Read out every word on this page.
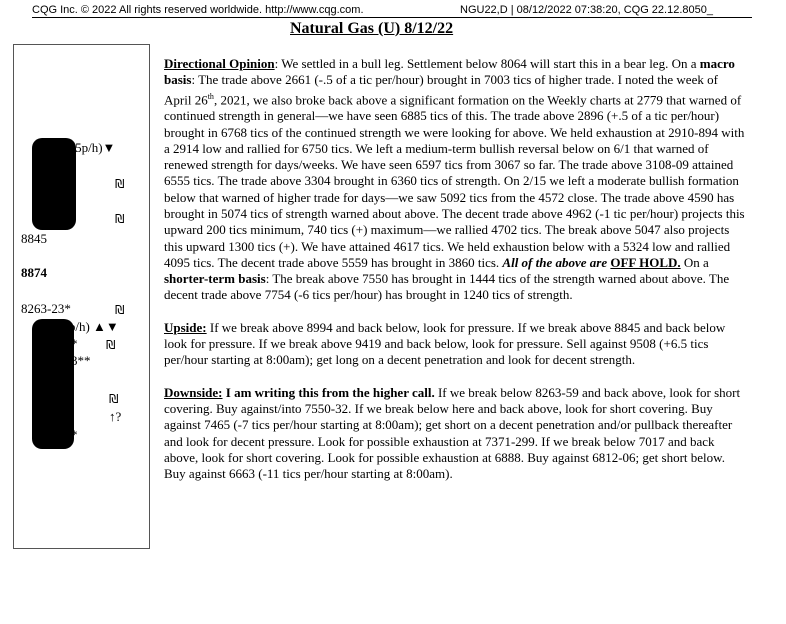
CQG Inc. © 2022 All rights reserved worldwide. http://www.cqg.com.	NGU22,D | 08/12/2022 07:38:20, CQG 22.12.8050_
Natural Gas (U) 8/12/22
+6.5p/h)▼
₪
₪
8845
8874
8263-23*	₪
-7p/h) ▲▼
32* ₪
453**
₪
↑?
06*

Directional Opinion: We settled in a bull leg. Settlement below 8064 will start this in a bear leg. On a macro basis: The trade above 2661 (-.5 of a tic per/hour) brought in 7003 tics of higher trade. I noted the week of April 26th, 2021, we also broke back above a significant formation on the Weekly charts at 2779 that warned of continued strength in general—we have seen 6885 tics of this. The trade above 2896 (+.5 of a tic per/hour) brought in 6768 tics of the continued strength we were looking for above. We held exhaustion at 2910-894 with a 2914 low and rallied for 6750 tics. We left a medium-term bullish reversal below on 6/1 that warned of renewed strength for days/weeks. We have seen 6597 tics from 3067 so far. The trade above 3108-09 attained 6555 tics. The trade above 3304 brought in 6360 tics of strength. On 2/15 we left a moderate bullish formation below that warned of higher trade for days—we saw 5092 tics from the 4572 close. The trade above 4590 has brought in 5074 tics of strength warned about above. The decent trade above 4962 (-1 tic per/hour) projects this upward 200 tics minimum, 740 tics (+) maximum—we rallied 4702 tics. The break above 5047 also projects this upward 1300 tics (+). We have attained 4617 tics. We held exhaustion below with a 5324 low and rallied 4095 tics. The decent trade above 5559 has brought in 3860 tics. All of the above are OFF HOLD. On a shorter-term basis: The break above 7550 has brought in 1444 tics of the strength warned about above. The decent trade above 7754 (-6 tics per/hour) has brought in 1240 tics of strength.

Upside: If we break above 8994 and back below, look for pressure. If we break above 8845 and back below look for pressure. If we break above 9419 and back below, look for pressure. Sell against 9508 (+6.5 tics per/hour starting at 8:00am); get long on a decent penetration and look for decent strength.

Downside: I am writing this from the higher call. If we break below 8263-59 and back above, look for short covering. Buy against/into 7550-32. If we break below here and back above, look for short covering. Buy against 7465 (-7 tics per/hour starting at 8:00am); get short on a decent penetration and/or pullback thereafter and look for decent pressure. Look for possible exhaustion at 7371-299. If we break below 7017 and back above, look for short covering. Look for possible exhaustion at 6888. Buy against 6812-06; get short below. Buy against 6663 (-11 tics per/hour starting at 8:00am).
